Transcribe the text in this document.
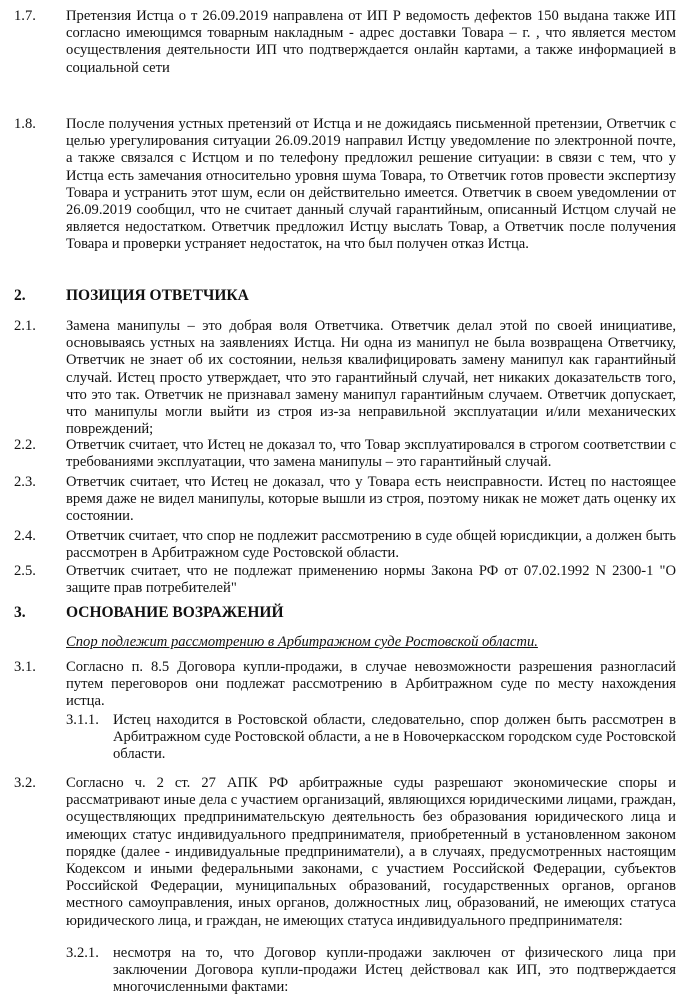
1.7. Претензия Истца о т 26.09.2019 направлена от ИП Р ведомость дефектов 150 выдана также ИП согласно имеющимся товарным накладным - адрес доставки Товара – г. , что является местом осуществления деятельности ИП что подтверждается онлайн картами, а также информацией в социальной сети
1.8. После получения устных претензий от Истца и не дожидаясь письменной претензии, Ответчик с целью урегулирования ситуации 26.09.2019 направил Истцу уведомление по электронной почте, а также связался с Истцом и по телефону предложил решение ситуации: в связи с тем, что у Истца есть замечания относительно уровня шума Товара, то Ответчик готов провести экспертизу Товара и устранить этот шум, если он действительно имеется. Ответчик в своем уведомлении от 26.09.2019 сообщил, что не считает данный случай гарантийным, описанный Истцом случай не является недостатком. Ответчик предложил Истцу выслать Товар, а Ответчик после получения Товара и проверки устраняет недостаток, на что был получен отказ Истца.
2.	ПОЗИЦИЯ ОТВЕТЧИКА
2.1. Замена манипулы – это добрая воля Ответчика. Ответчик делал этой по своей инициативе, основываясь устных на заявлениях Истца. Ни одна из манипул не была возвращена Ответчику, Ответчик не знает об их состоянии, нельзя квалифицировать замену манипул как гарантийный случай. Истец просто утверждает, что это гарантийный случай, нет никаких доказательств того, что это так. Ответчик не признавал замену манипул гарантийным случаем. Ответчик допускает, что манипулы могли выйти из строя из-за неправильной эксплуатации и/или механических повреждений;
2.2. Ответчик считает, что Истец не доказал то, что Товар эксплуатировался в строгом соответствии с требованиями эксплуатации, что замена манипулы – это гарантийный случай.
2.3. Ответчик считает, что Истец не доказал, что у Товара есть неисправности. Истец по настоящее время даже не видел манипулы, которые вышли из строя, поэтому никак не может дать оценку их состоянии.
2.4. Ответчик считает, что спор не подлежит рассмотрению в суде общей юрисдикции, а должен быть рассмотрен в Арбитражном суде Ростовской области.
2.5. Ответчик считает, что не подлежат применению нормы Закона РФ от 07.02.1992 N 2300-1 "О защите прав потребителей"
3.	ОСНОВАНИЕ ВОЗРАЖЕНИЙ
Спор подлежит рассмотрению в Арбитражном суде Ростовской области.
3.1. Согласно п. 8.5 Договора купли-продажи, в случае невозможности разрешения разногласий путем переговоров они подлежат рассмотрению в Арбитражном суде по месту нахождения истца.
3.1.1. Истец находится в Ростовской области, следовательно, спор должен быть рассмотрен в Арбитражном суде Ростовской области, а не в Новочеркасском городском суде Ростовской области.
3.2. Согласно ч. 2 ст. 27 АПК РФ арбитражные суды разрешают экономические споры и рассматривают иные дела с участием организаций, являющихся юридическими лицами, граждан, осуществляющих предпринимательскую деятельность без образования юридического лица и имеющих статус индивидуального предпринимателя, приобретенный в установленном законом порядке (далее - индивидуальные предприниматели), а в случаях, предусмотренных настоящим Кодексом и иными федеральными законами, с участием Российской Федерации, субъектов Российской Федерации, муниципальных образований, государственных органов, органов местного самоуправления, иных органов, должностных лиц, образований, не имеющих статуса юридического лица, и граждан, не имеющих статуса индивидуального предпринимателя:
3.2.1. несмотря на то, что Договор купли-продажи заключен от физического лица при заключении Договора купли-продажи Истец действовал как ИП, это подтверждается многочисленными фактами:
